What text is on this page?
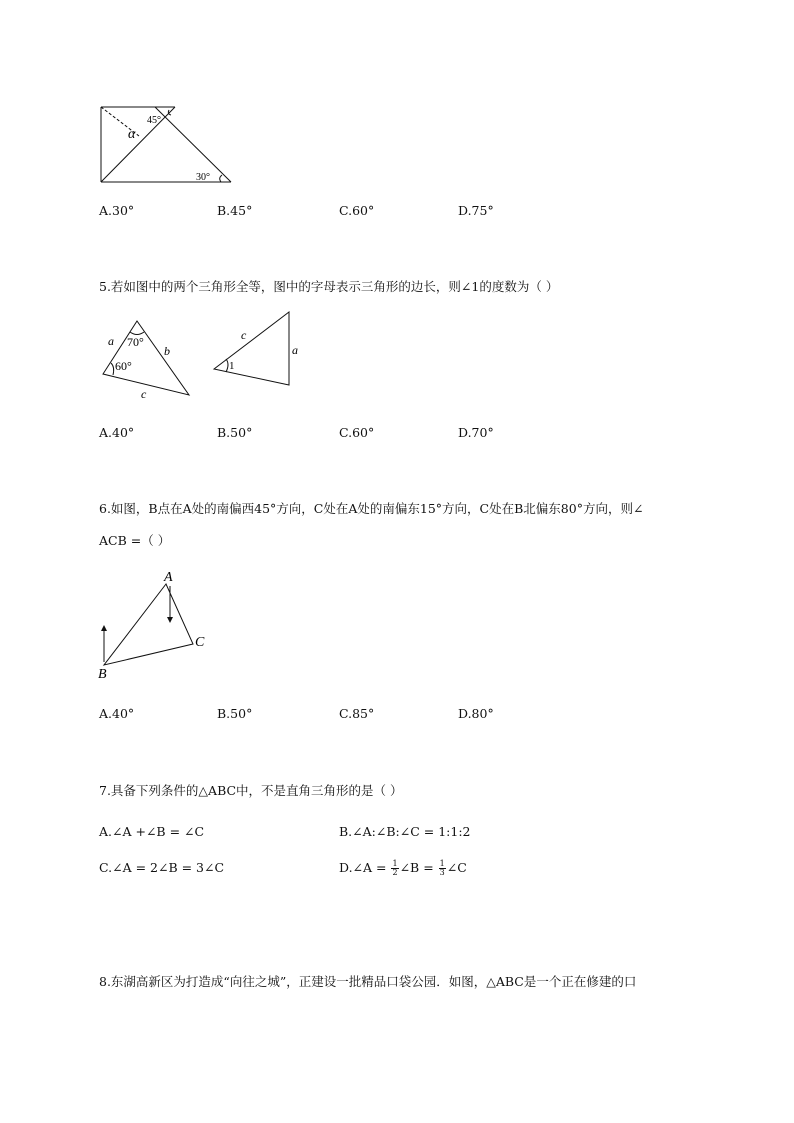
45°
α
30°
A.30°	B.45°	C.60°	D.75°
5.若如图中的两个三角形全等，图中的字母表示三角形的边长，则∠1的度数为（ ）
a
b
c
70°
60°
c
a
1
A.40°	B.50°	C.60°	D.70°
6.如图，B点在A处的南偏西45°方向，C处在A处的南偏东15°方向，C处在B北偏东80°方向，则∠
ACB =（ ）
A
B
C
A.40°	B.50°	C.85°	D.80°
7.具备下列条件的△ABC中，不是直角三角形的是（ ）
A.∠A +∠B = ∠C	B.∠A:∠B:∠C = 1:1:2
C.∠A = 2∠B = 3∠C	D.∠A = $\frac{1}{2}$ ∠B = $\frac{1}{3}$ ∠C
8.东湖高新区为打造成“向往之城”，正建设一批精品口袋公园．如图，△ABC是一个正在修建的口
